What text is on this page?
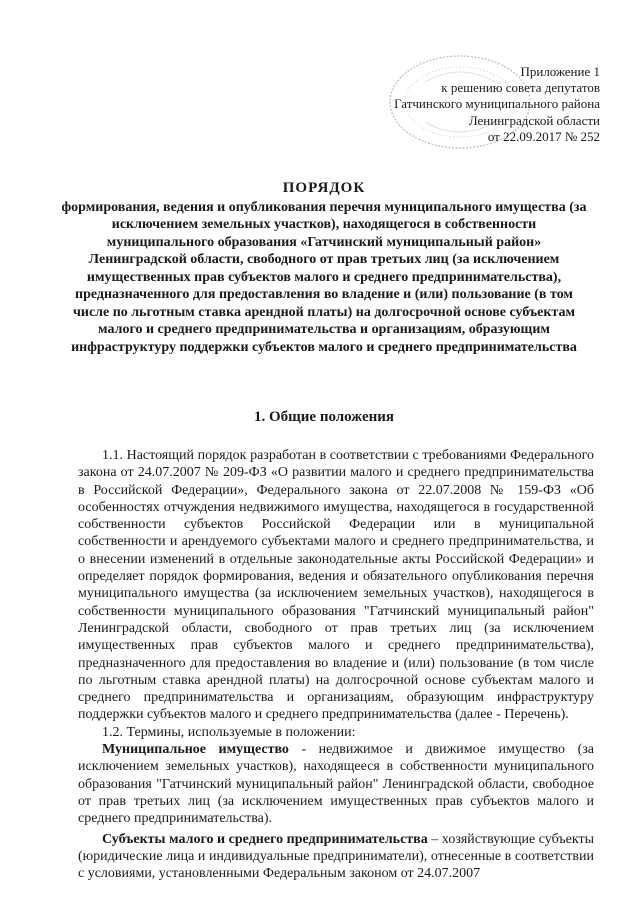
Приложение 1
к решению совета депутатов
Гатчинского муниципального района
Ленинградской области
от 22.09.2017 № 252
ПОРЯДОК
формирования, ведения и опубликования перечня муниципального имущества (за исключением земельных участков), находящегося в собственности муниципального образования «Гатчинский муниципальный район» Ленинградской области, свободного от прав третьих лиц (за исключением имущественных прав субъектов малого и среднего предпринимательства), предназначенного для предоставления во владение и (или) пользование (в том числе по льготным ставка арендной платы) на долгосрочной основе субъектам малого и среднего предпринимательства и организациям, образующим инфраструктуру поддержки субъектов малого и среднего предпринимательства
1. Общие положения

1.1. Настоящий порядок разработан в соответствии с требованиями Федерального закона от 24.07.2007 № 209-ФЗ «О развитии малого и среднего предпринимательства в Российской Федерации», Федерального закона от 22.07.2008 № 159-ФЗ «Об особенностях отчуждения недвижимого имущества, находящегося в государственной собственности субъектов Российской Федерации или в муниципальной собственности и арендуемого субъектами малого и среднего предпринимательства, и о внесении изменений в отдельные законодательные акты Российской Федерации» и определяет порядок формирования, ведения и обязательного опубликования перечня муниципального имущества (за исключением земельных участков), находящегося в собственности муниципального образования "Гатчинский муниципальный район" Ленинградской области, свободного от прав третьих лиц (за исключением имущественных прав субъектов малого и среднего предпринимательства), предназначенного для предоставления во владение и (или) пользование (в том числе по льготным ставка арендной платы) на долгосрочной основе субъектам малого и среднего предпринимательства и организациям, образующим инфраструктуру поддержки субъектов малого и среднего предпринимательства (далее - Перечень).

1.2. Термины, используемые в положении:

Муниципальное имущество - недвижимое и движимое имущество (за исключением земельных участков), находящееся в собственности муниципального образования "Гатчинский муниципальный район" Ленинградской области, свободное от прав третьих лиц (за исключением имущественных прав субъектов малого и среднего предпринимательства).

Субъекты малого и среднего предпринимательства – хозяйствующие субъекты (юридические лица и индивидуальные предприниматели), отнесенные в соответствии с условиями, установленными Федеральным законом от 24.07.2007
